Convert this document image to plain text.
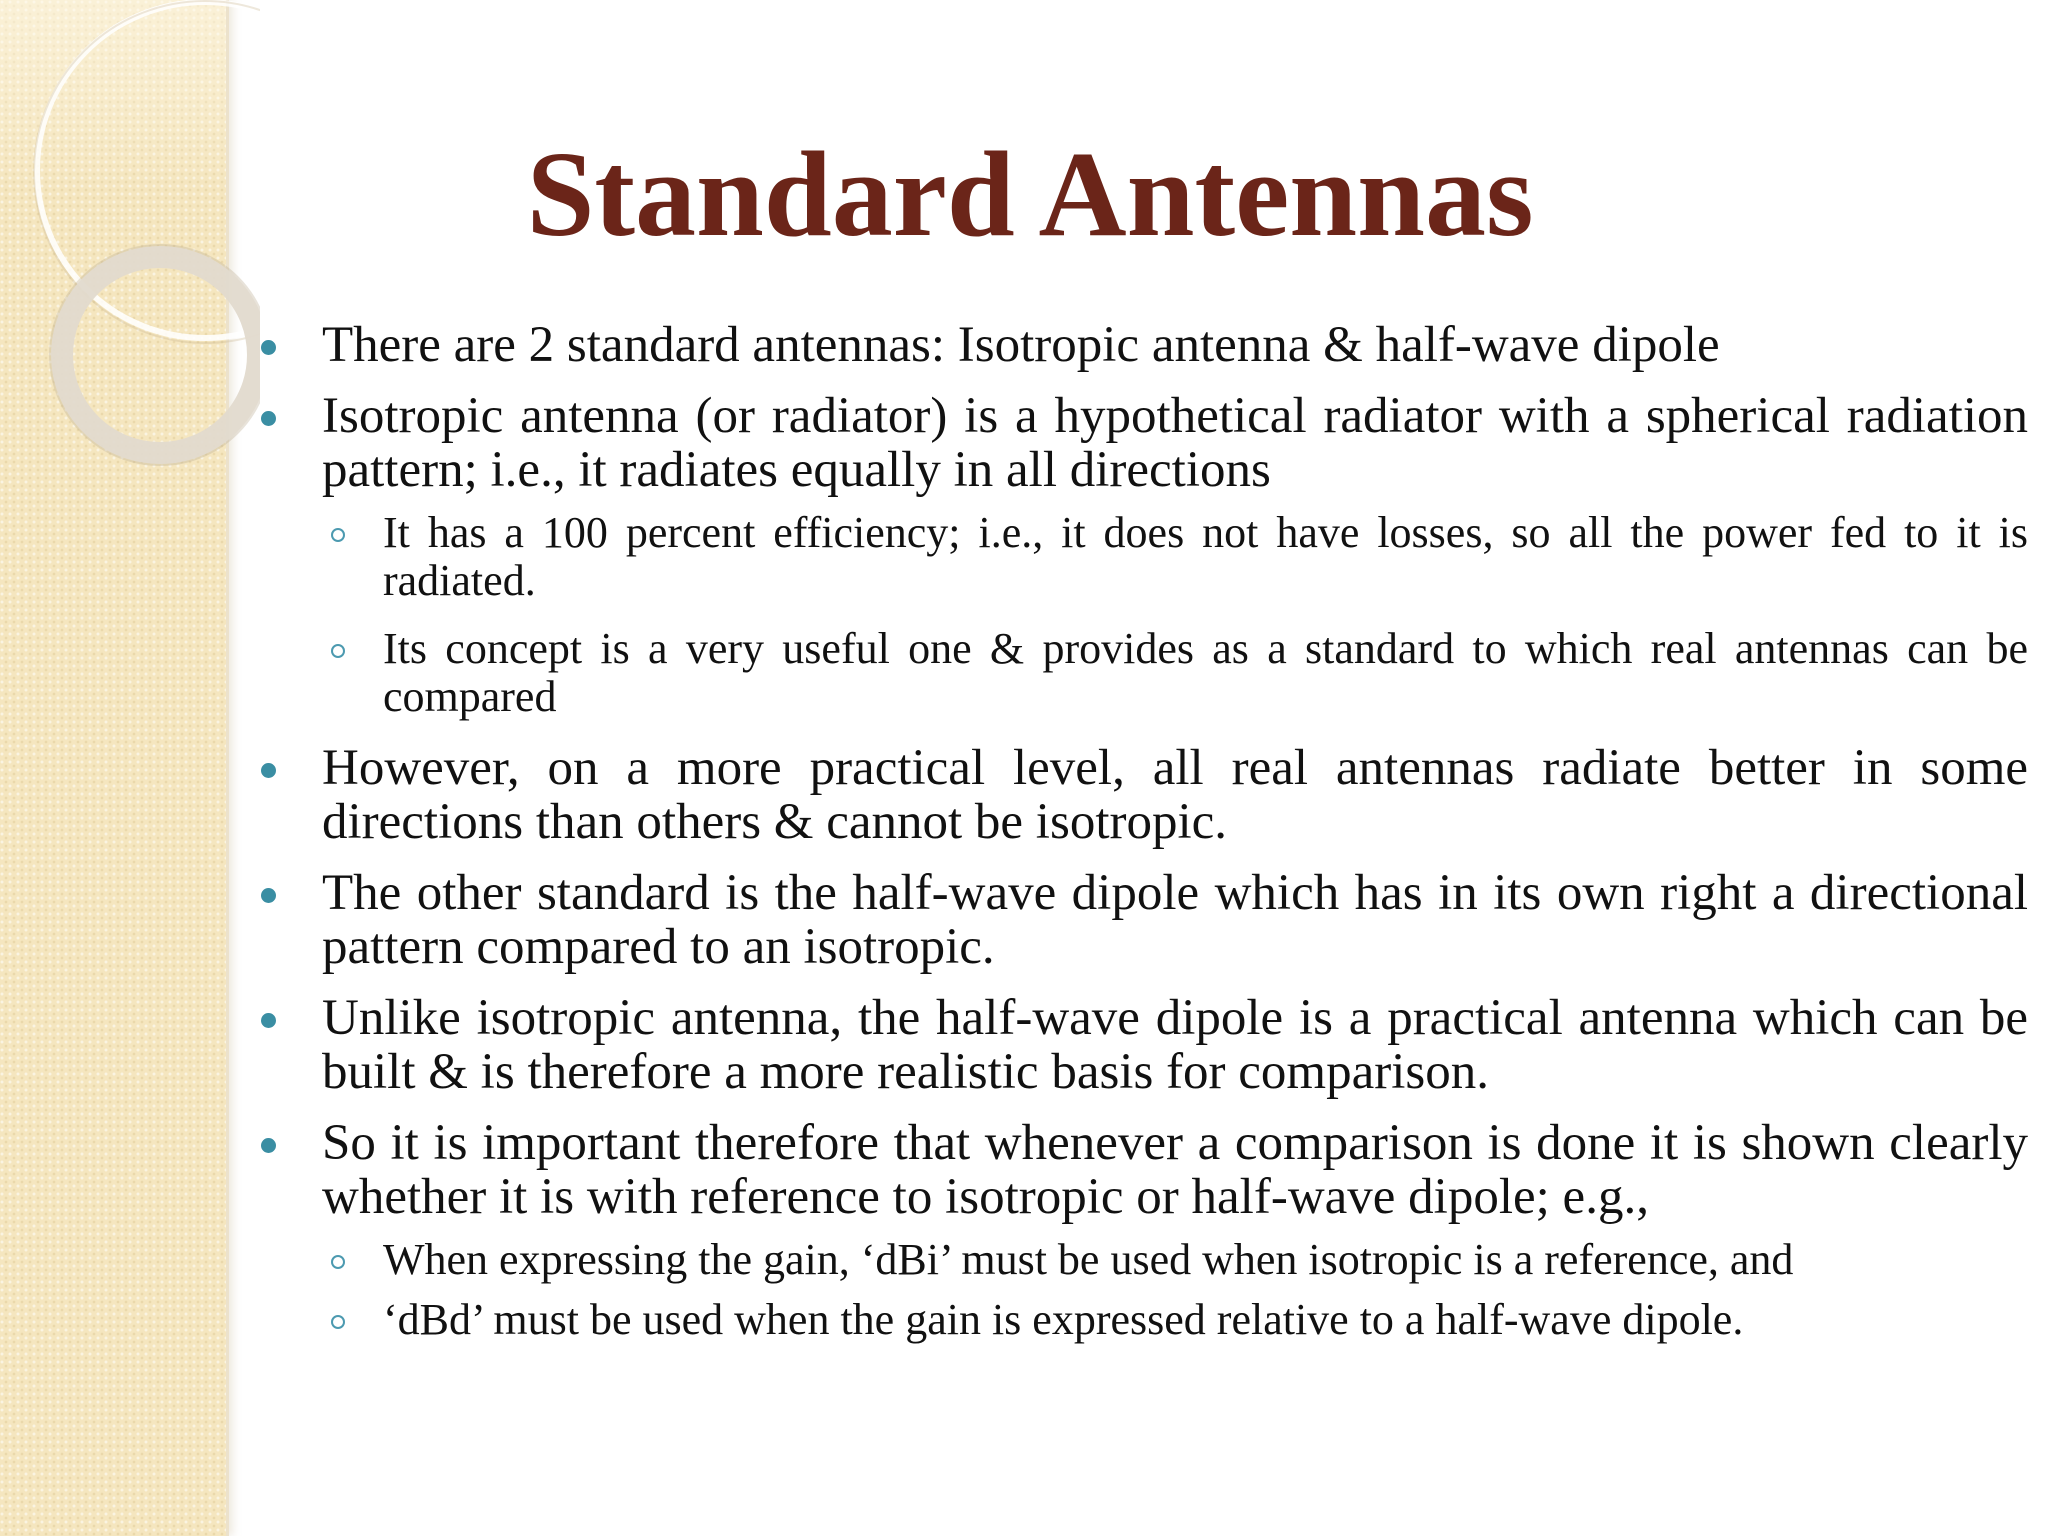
Standard Antennas
There are 2 standard antennas: Isotropic antenna & half-wave dipole
Isotropic antenna (or radiator) is a hypothetical radiator with a spherical radiation pattern; i.e., it radiates equally in all directions
It has a 100 percent efficiency; i.e., it does not have losses, so all the power fed to it is radiated.
Its concept is a very useful one & provides as a standard to which real antennas can be compared
However, on a more practical level, all real antennas radiate better in some directions than others & cannot be isotropic.
The other standard is the half-wave dipole which has in its own right a directional pattern compared to an isotropic.
Unlike isotropic antenna, the half-wave dipole is a practical antenna which can be built & is therefore a more realistic basis for comparison.
So it is important therefore that whenever a comparison is done it is shown clearly whether it is with reference to isotropic or half-wave dipole; e.g.,
When expressing the gain, ‘dBi’ must be used when isotropic is a reference, and
‘dBd’ must be used when the gain is expressed relative to a half-wave dipole.
